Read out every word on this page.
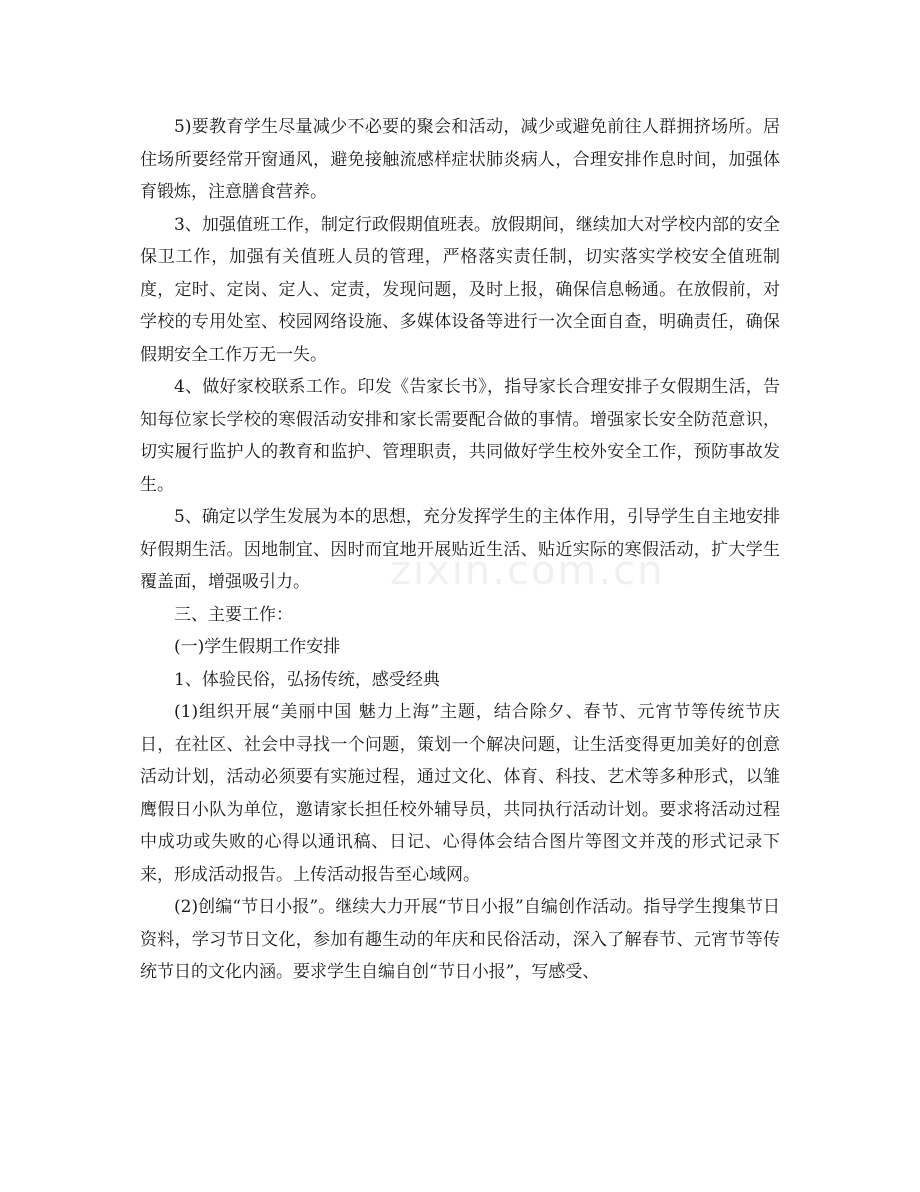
5)要教育学生尽量减少不必要的聚会和活动，减少或避免前往人群拥挤场所。居住场所要经常开窗通风，避免接触流感样症状肺炎病人，合理安排作息时间，加强体育锻炼，注意膳食营养。

3、加强值班工作，制定行政假期值班表。放假期间，继续加大对学校内部的安全保卫工作，加强有关值班人员的管理，严格落实责任制，切实落实学校安全值班制度，定时、定岗、定人、定责，发现问题，及时上报，确保信息畅通。在放假前，对学校的专用处室、校园网络设施、多媒体设备等进行一次全面自查，明确责任，确保假期安全工作万无一失。

4、做好家校联系工作。印发《告家长书》，指导家长合理安排子女假期生活，告知每位家长学校的寒假活动安排和家长需要配合做的事情。增强家长安全防范意识，切实履行监护人的教育和监护、管理职责，共同做好学生校外安全工作，预防事故发生。

5、确定以学生发展为本的思想，充分发挥学生的主体作用，引导学生自主地安排好假期生活。因地制宜、因时而宜地开展贴近生活、贴近实际的寒假活动，扩大学生覆盖面，增强吸引力。

三、主要工作：

(一)学生假期工作安排

1、体验民俗，弘扬传统，感受经典

(1)组织开展“美丽中国 魅力上海”主题，结合除夕、春节、元宵节等传统节庆日，在社区、社会中寻找一个问题，策划一个解决问题，让生活变得更加美好的创意活动计划，活动必须要有实施过程，通过文化、体育、科技、艺术等多种形式，以雏鹰假日小队为单位，邀请家长担任校外辅导员，共同执行活动计划。要求将活动过程中成功或失败的心得以通讯稿、日记、心得体会结合图片等图文并茂的形式记录下来，形成活动报告。上传活动报告至心域网。

(2)创编“节日小报”。继续大力开展“节日小报”自编创作活动。指导学生搜集节日资料，学习节日文化，参加有趣生动的年庆和民俗活动，深入了解春节、元宵节等传统节日的文化内涵。要求学生自编自创“节日小报”，写感受、

zixin.com.cn
